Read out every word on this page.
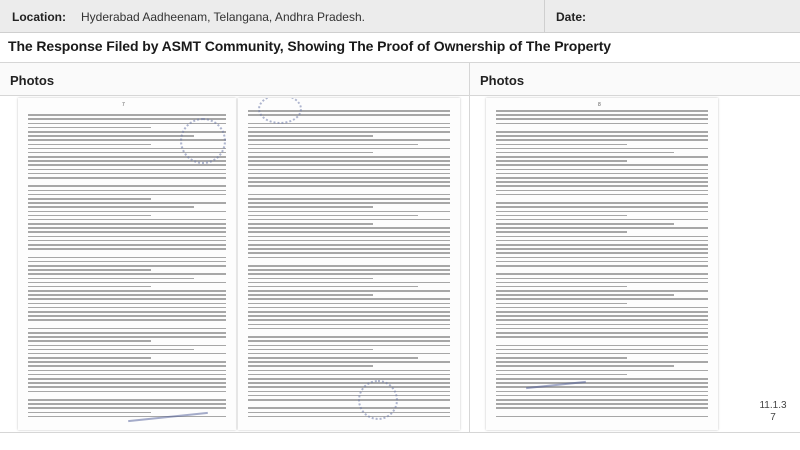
Location: Hyderabad Aadheenam, Telangana, Andhra Pradesh.	Date:
The Response Filed by ASMT Community, Showing The Proof of Ownership of The Property
Photos	Photos
7	8
11.1.3
7
